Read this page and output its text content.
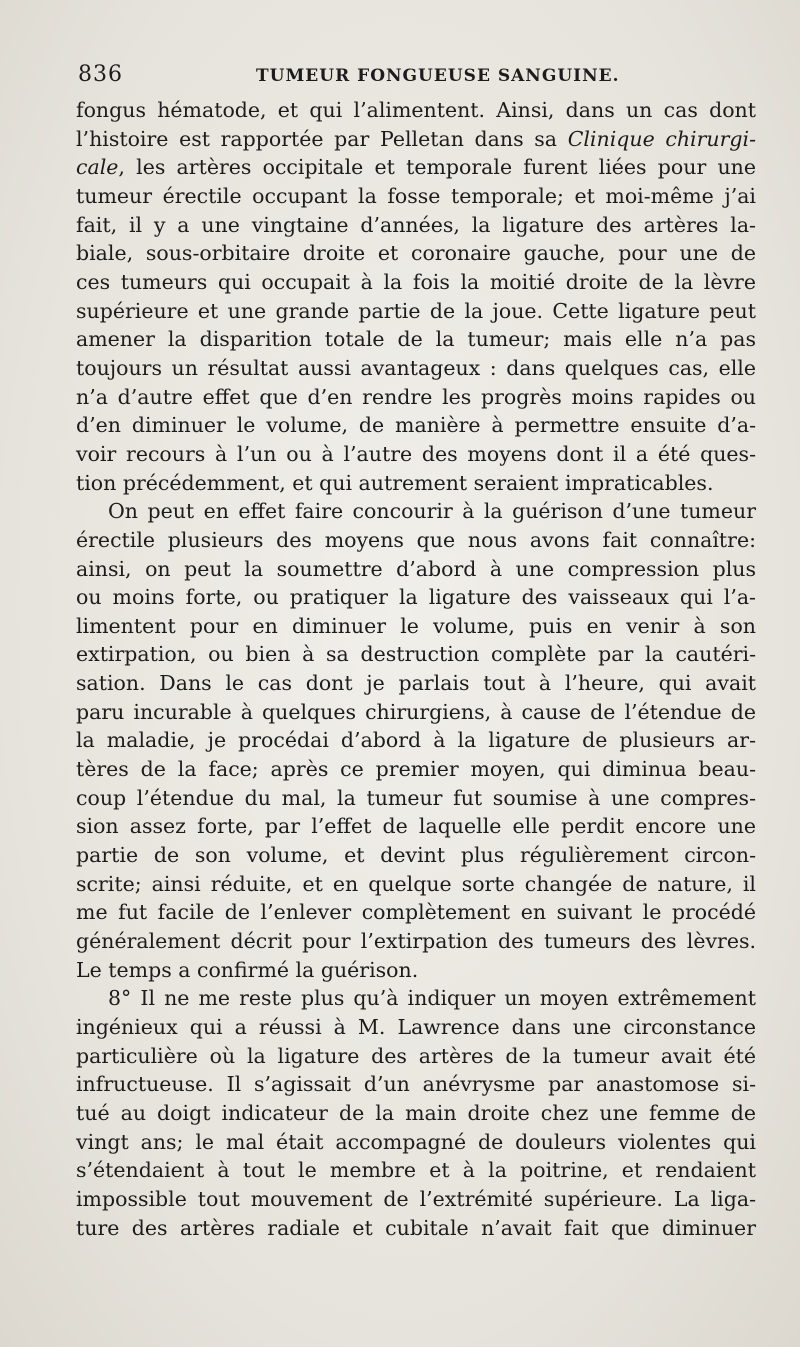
836	TUMEUR FONGUEUSE SANGUINE.
fongus hématode, et qui l’alimentent. Ainsi, dans un cas dont
l’histoire est rapportée par Pelletan dans sa Clinique chirurgi-
cale, les artères occipitale et temporale furent liées pour une
tumeur érectile occupant la fosse temporale; et moi-même j’ai
fait, il y a une vingtaine d’années, la ligature des artères la-
biale, sous-orbitaire droite et coronaire gauche, pour une de
ces tumeurs qui occupait à la fois la moitié droite de la lèvre
supérieure et une grande partie de la joue. Cette ligature peut
amener la disparition totale de la tumeur; mais elle n’a pas
toujours un résultat aussi avantageux : dans quelques cas, elle
n’a d’autre effet que d’en rendre les progrès moins rapides ou
d’en diminuer le volume, de manière à permettre ensuite d’a-
voir recours à l’un ou à l’autre des moyens dont il a été ques-
tion précédemment, et qui autrement seraient impraticables.
On peut en effet faire concourir à la guérison d’une tumeur
érectile plusieurs des moyens que nous avons fait connaître:
ainsi, on peut la soumettre d’abord à une compression plus
ou moins forte, ou pratiquer la ligature des vaisseaux qui l’a-
limentent pour en diminuer le volume, puis en venir à son
extirpation, ou bien à sa destruction complète par la cautéri-
sation. Dans le cas dont je parlais tout à l’heure, qui avait
paru incurable à quelques chirurgiens, à cause de l’étendue de
la maladie, je procédai d’abord à la ligature de plusieurs ar-
tères de la face; après ce premier moyen, qui diminua beau-
coup l’étendue du mal, la tumeur fut soumise à une compres-
sion assez forte, par l’effet de laquelle elle perdit encore une
partie de son volume, et devint plus régulièrement circon-
scrite; ainsi réduite, et en quelque sorte changée de nature, il
me fut facile de l’enlever complètement en suivant le procédé
généralement décrit pour l’extirpation des tumeurs des lèvres.
Le temps a confirmé la guérison.
8° Il ne me reste plus qu’à indiquer un moyen extrêmement
ingénieux qui a réussi à M. Lawrence dans une circonstance
particulière où la ligature des artères de la tumeur avait été
infructueuse. Il s’agissait d’un anévrysme par anastomose si-
tué au doigt indicateur de la main droite chez une femme de
vingt ans; le mal était accompagné de douleurs violentes qui
s’étendaient à tout le membre et à la poitrine, et rendaient
impossible tout mouvement de l’extrémité supérieure. La liga-
ture des artères radiale et cubitale n’avait fait que diminuer
